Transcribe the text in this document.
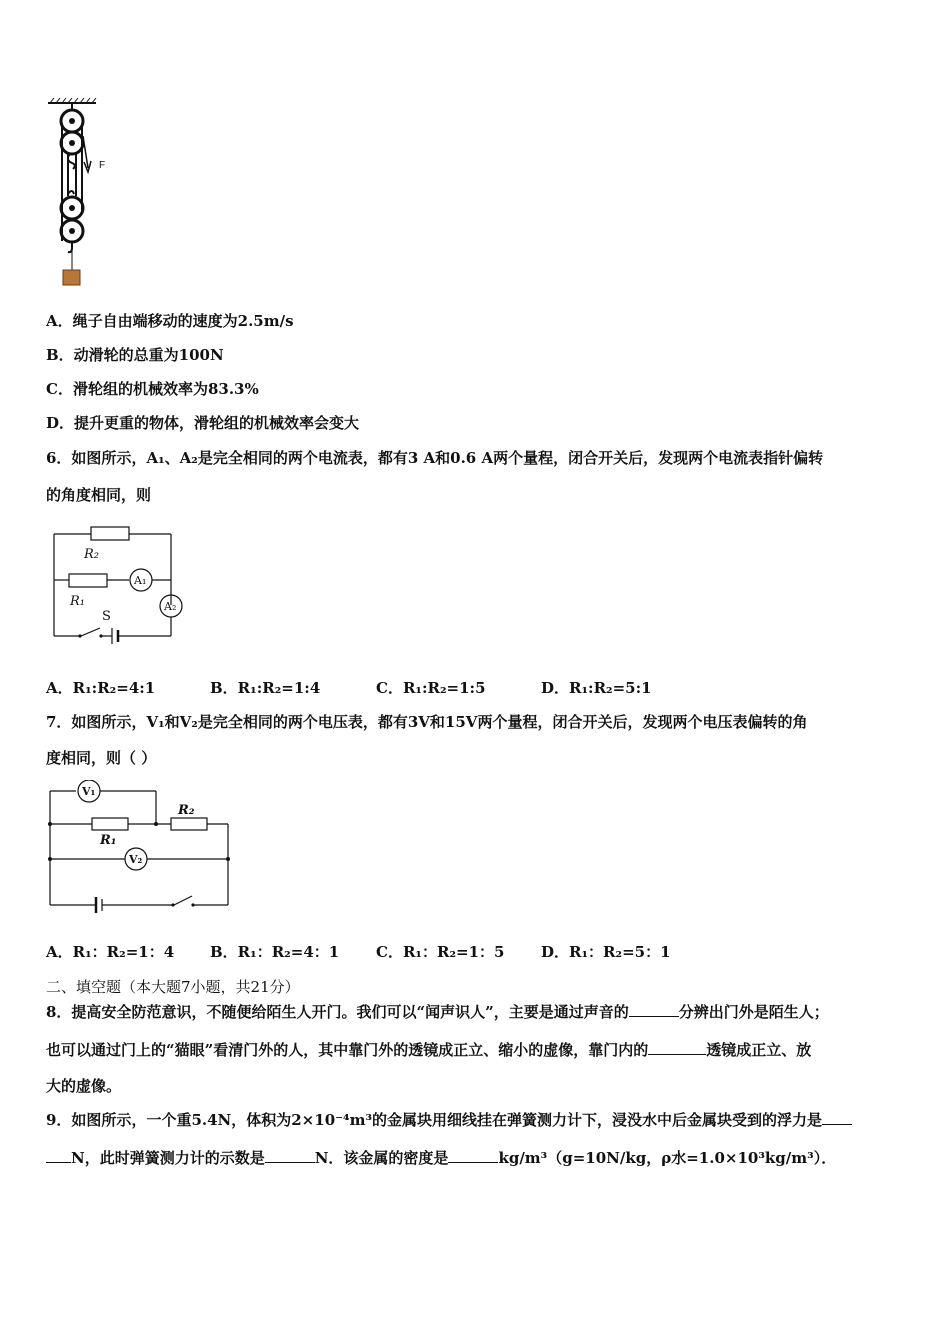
F
A．绳子自由端移动的速度为2.5m/s
B．动滑轮的总重为100N
C．滑轮组的机械效率为83.3%
D．提升更重的物体，滑轮组的机械效率会变大
6．如图所示，A₁、A₂是完全相同的两个电流表，都有3 A和0.6 A两个量程，闭合开关后，发现两个电流表指针偏转
的角度相同，则
R₂
R₁
A₁
A₂
S
A．R₁:R₂=4:1	B．R₁:R₂=1:4	C．R₁:R₂=1:5	D．R₁:R₂=5:1
7．如图所示，V₁和V₂是完全相同的两个电压表，都有3V和15V两个量程，闭合开关后，发现两个电压表偏转的角
度相同，则（ ）
V₁
V₂
R₁
R₂
A．R₁：R₂=1：4 B．R₁：R₂=4：1 C．R₁：R₂=1：5 D．R₁：R₂=5：1
二、填空题（本大题7小题，共21分）
8．提高安全防范意识，不随便给陌生人开门。我们可以“闻声识人”，主要是通过声音的	分辨出门外是陌生人；
也可以通过门上的“猫眼”看清门外的人，其中靠门外的透镜成正立、缩小的虚像，靠门内的	透镜成正立、放
大的虚像。
9．如图所示，一个重5.4N，体积为2×10⁻⁴m³的金属块用细线挂在弹簧测力计下，浸没水中后金属块受到的浮力是
N，此时弹簧测力计的示数是	N．该金属的密度是	kg/m³（g=10N/kg，ρ水=1.0×10³kg/m³）．
